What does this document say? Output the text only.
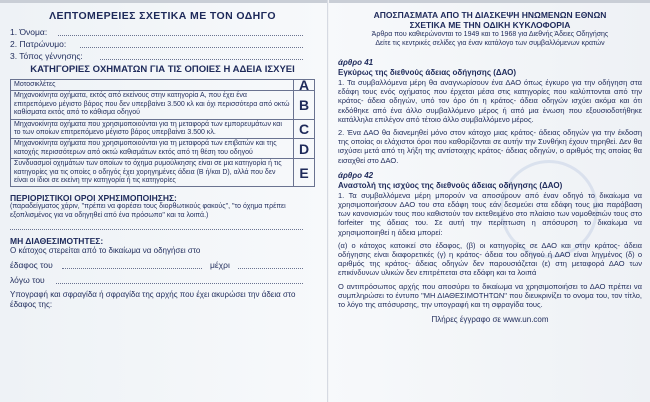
ΛΕΠΤΟΜΕΡΕΙΕΣ ΣΧΕΤΙΚΑ ΜΕ ΤΟΝ ΟΔΗΓΟ
1. Όνομα:
2. Πατρώνυμο:
3. Τόπος γέννησης:
ΚΑΤΗΓΟΡΙΕΣ ΟΧΗΜΑΤΩΝ ΓΙΑ ΤΙΣ ΟΠΟΙΕΣ Η ΑΔΕΙΑ ΙΣΧΥΕΙ
Μοτοσικλέτες	A
Μηχανοκίνητα οχήματα, εκτός από εκείνους στην κατηγορία Α, που έχει ένα επιτρεπόμενο μέγιστο βάρος που δεν υπερβαίνει 3.500 κλ και όχι περισσότερα από οκτώ καθίσματα εκτός από το κάθισμα οδηγού	B
Μηχανοκίνητα οχήματα που χρησιμοποιούνται για τη μεταφορά των εμπορευμάτων και το των οποίων επιτρεπόμενο μέγιστο βάρος υπερβαίνει 3.500 κλ.	C
Μηχανοκίνητα οχήματα που χρησιμοποιούνται για τη μεταφορά των επιβατών και της κατοχής περισσότερων από οκτώ καθισμάτων εκτός από τη θέση του οδηγού	D
Συνδυασμοί οχημάτων των οποίων το όχημα ρυμούλκησης είναι σε μια κατηγορία ή τις κατηγορίες για τις οποίες ο οδηγός έχει χορηγημένες άδεια (Β ή/και D), αλλά που δεν είναι οι ίδιοι σε εκείνη την κατηγορία ή τις κατηγορίες	E
ΠΕΡΙΟΡΙΣΤΙΚΟΙ ΟΡΟΙ ΧΡΗΣΙΜΟΠΟΙΗΣΗΣ:
(παραδείγματος χάριν, "πρέπει να φορέσει τους διορθωτικούς φακούς", "το όχημα πρέπει εξοπλισμένος για να οδηγηθεί από ένα πρόσωπο" και τα λοιπά.)
ΜΗ ΔΙΑΘΕΣΙΜΟΤΗΤΕΣ:
Ο κάτοχος στερείται από το δικαίωμα να οδηγήσει στο
έδαφος του	μέχρι
λόγω του
Υπογραφή και σφραγίδα ή σφραγίδα της αρχής που έχει ακυρώσει την άδεια στο έδαφος της:
ΑΠΟΣΠΑΣΜΑΤΑ ΑΠΟ ΤΗ ΔΙΑΣΚΕΨΗ ΗΝΩΜΕΝΩΝ ΕΘΝΩΝ
ΣΧΕΤΙΚΑ ΜΕ ΤΗΝ ΟΔΙΚΗ ΚΥΚΛΟΦΟΡΙΑ
Άρθρα που καθιερώνονται το 1949 και το 1968 για Διεθνής Άδειες Οδηγήσης
Δείτε τις κεντρικές σελίδες για έναν κατάλογο των συμβαλλόμενων κρατών
άρθρο 41
Εγκύρως της διεθνούς άδειας οδήγησης (ΔΑΟ)
1. Τα συμβαλλόμενα μέρη θα αναγνωρίσουν ένα ΔΑΟ όπως έγκυρο για την οδήγηση στα εδάφη τους ενός οχήματος που έρχεται μέσα στις κατηγορίες που καλύπτονται από την κράτος- άδεια οδηγών, υπό τον όρο ότι η κράτος- άδεια οδηγών ισχύει ακόμα και ότι εκδόθηκε από ένα άλλο συμβαλλόμενο μέρος ή από μια ένωση που εξουσιοδοτήθηκε κατάλληλα επιλέγον από τέτοιο άλλο συμβαλλόμενο μέρος.
2. Ένα ΔΑΟ θα διανεμηθεί μόνο στον κάτοχο μιας κράτος- άδειας οδηγών για την έκδοση της οποίας οι ελάχιστοι όροι που καθορίζονται σε αυτήν την Συνθήκη έχουν τηρηθεί. Δεν θα ισχύσει μετά από τη λήξη της αντίστοιχης κράτος- άδειας οδηγών, ο αριθμός της οποίας θα εισαχθεί στο ΔΑΟ.
άρθρο 42
Αναστολή της ισχύος της διεθνούς άδειας οδήγησης (ΔΑΟ)
1. Τα συμβαλλόμενα μέρη μπορούν να αποσύρουν από έναν οδηγό το δικαίωμα να χρησιμοποιήσουν ΔΑΟ του στα εδάφη τους εάν δεσμεύει στα εδάφη τους μια παράβαση των κανονισμών τους που καθιστούν τον εκτεθειμένο στο πλαίσιο των νομοθεσιών τους στο forfeiter της άδειας του. Σε αυτή την περίπτωση η απόσυρση το δικαίωμα να χρησιμοποιηθεί η άδεια μπορεί:
(α) ο κάτοχος κατοικεί στο έδαφος, (β) οι κατηγορίες σε ΔΑΟ και στην κράτος- άδεια οδήγησης είναι διαφορετικές (γ) η κράτος- άδεια του οδηγού ή ΔΑΟ είναι ληγμένος (δ) ο αριθμός της κράτος- άδειας οδηγών δεν παρουσιάζεται (ε) στη μεταφορά ΔΑΟ των επικίνδυνων υλικών δεν επιτρέπεται στα εδάφη και τα λοιπά
Ο αντιπρόσωπος αρχής που αποσύρει το δικαίωμα να χρησιμοποιήσει το ΔΑΟ πρέπει να συμπληρώσει το έντυπο "ΜΗ ΔΙΑΘΕΣΙΜΟΤΗΤΩΝ" που διευκρινίζει το ονομα του, τον τίτλο, το λόγο της απόσυρσης, την υπογραφή και τη σφραγίδα τους.
Πλήρες έγγραφο σε www.un.com
